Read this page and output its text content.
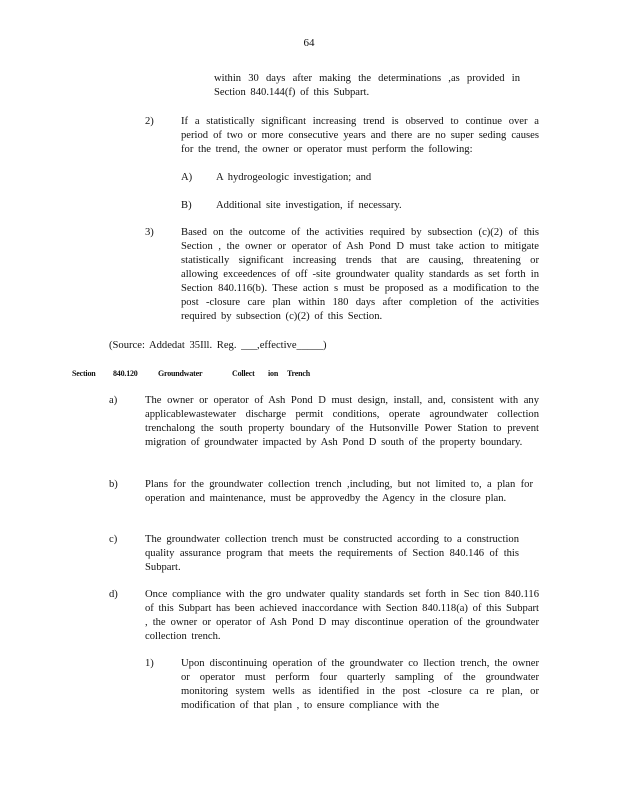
64
within 30 days after making the determinations ,as provided in Section 840.144(f) of this Subpart.
2)	If a statistically significant increasing trend is observed to continue over a period of two or more consecutive years and there are no super seding causes for the trend, the owner or operator must perform the following:
A) A hydrogeologic investigation; and
B) Additional site investigation, if necessary.
3)	Based on the outcome of the activities required by subsection (c)(2) of this Section , the owner or operator of Ash Pond D must take action to mitigate statistically significant increasing trends that are causing, threatening or allowing exceedences of off -site groundwater quality standards as set forth in Section 840.116(b). These action s must be proposed as a modification to the post -closure care plan within 180 days after completion of the activities required by subsection (c)(2) of this Section.
(Source: Addedat 35Ill. Reg. ___,effective_____)
Section 840.120	Groundwater	Collect ion Trench
a)	The owner or operator of Ash Pond D must design, install, and, consistent with any applicablewastewater discharge permit conditions, operate agroundwater collection trenchalong the south property boundary of the Hutsonville Power Station to prevent migration of groundwater impacted by Ash Pond D south of the property boundary.
b)	Plans for the groundwater collection trench ,including, but not limited to, a plan for operation and maintenance, must be approvedby the Agency in the closure plan.
c)	The groundwater collection trench must be constructed according to a construction quality assurance program that meets the requirements of Section 840.146 of this Subpart.
d)	Once compliance with the gro undwater quality standards set forth in Sec tion 840.116 of this Subpart has been achieved inaccordance with Section 840.118(a) of this Subpart , the owner or operator of Ash Pond D may discontinue operation of the groundwater collection trench.
1)	Upon discontinuing operation of the groundwater co llection trench, the owner or operator must perform four quarterly sampling of the groundwater monitoring system wells as identified in the post -closure ca re plan, or modification of that plan , to ensure compliance with the
